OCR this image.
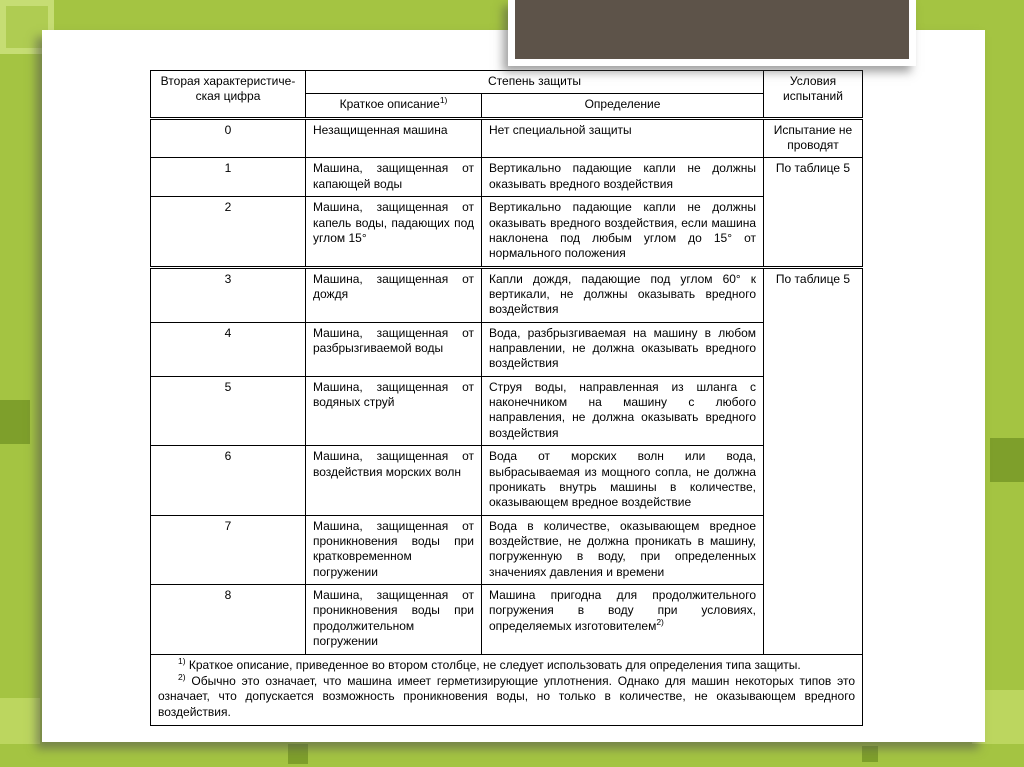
Вторая характеристическая цифра	Степень защиты		Условия испытаний
	Краткое описание$^{1)}$	Определение	
0	Незащищенная машина	Нет специальной защиты	Испытание не проводят
1	Машина, защищенная от капающей воды	Вертикально падающие капли не должны оказывать вредного воздействия	По таблице 5
2	Машина, защищенная от капель воды, падающих под углом 15°	Вертикально падающие капли не должны оказывать вредного воздействия, если машина наклонена под любым углом до 15° от нормального положения	
3	Машина, защищенная от дождя	Капли дождя, падающие под углом 60° к вертикали, не должны оказывать вредного воздействия	По таблице 5
4	Машина, защищенная от разбрызгиваемой воды	Вода, разбрызгиваемая на машину в любом направлении, не должна оказывать вредного воздействия	
5	Машина, защищенная от водяных струй	Струя воды, направленная из шланга с наконечником на машину с любого направления, не должна оказывать вредного воздействия	
6	Машина, защищенная от воздействия морских волн	Вода от морских волн или вода, выбрасываемая из мощного сопла, не должна проникать внутрь машины в количестве, оказывающем вредное воздействие	
7	Машина, защищенная от проникновения воды при кратковременном погружении	Вода в количестве, оказывающем вредное воздействие, не должна проникать в машину, погруженную в воду, при определенных значениях давления и времени	
8	Машина, защищенная от проникновения воды при продолжительном погружении	Машина пригодна для продолжительного погружения в воду при условиях, определяемых изготовителем$^{2)}$

$^{1)}$ Краткое описание, приведенное во втором столбце, не следует использовать для определения типа защиты.

$^{2)}$ Обычно это означает, что машина имеет герметизирующие уплотнения. Однако для машин некоторых типов это означает, что допускается возможность проникновения воды, но только в количестве, не оказывающем вредного воздействия.			
